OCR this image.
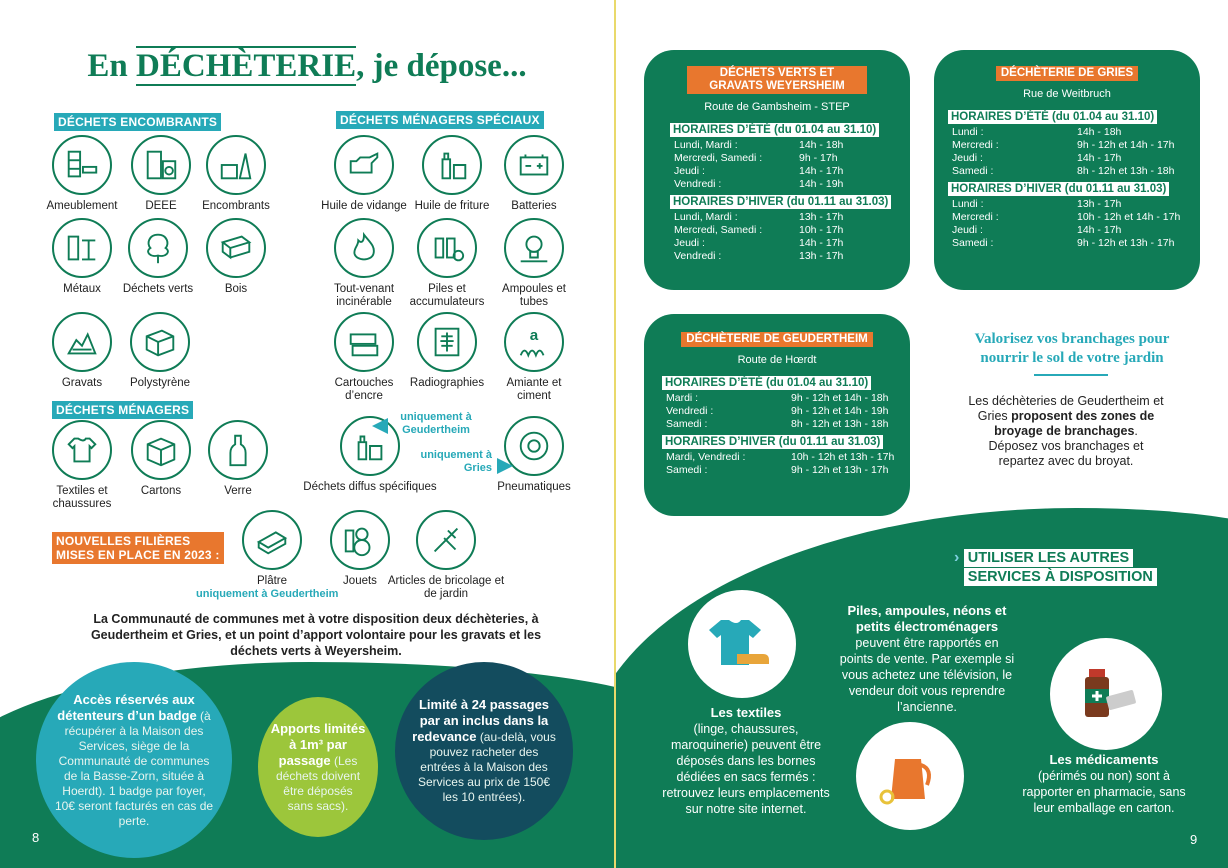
En DÉCHÈTERIE, je dépose...
DÉCHETS ENCOMBRANTS	DÉCHETS MÉNAGERS SPÉCIAUX
DÉCHETS MÉNAGERS
NOUVELLES FILIÈRES
MISES EN PLACE EN 2023 :
Ameublement	DEEE	Encombrants
Métaux	Déchets verts	Bois
Gravats	Polystyrène
Huile de vidange Huile de friture	Batteries
Tout-venant incinérable
Piles et accumulateurs
Ampoules et tubes
Cartouches d’encre
Radiographies
a
Amiante et ciment
Textiles et chaussures
Cartons	Verre	Déchets diffus spécifiques	Pneumatiques
uniquement à Geudertheim
uniquement à Gries
Plâtre	Jouets Articles de bricolage et de jardin
uniquement à Geudertheim
La Communauté de communes met à votre disposition deux déchèteries, à Geudertheim et Gries, et un point d’apport volontaire pour les gravats et les déchets verts à Weyersheim.
Accès réservés aux détenteurs d’un badge (à récupérer à la Maison des Services, siège de la Communauté de communes de la Basse-Zorn, située à Hoerdt). 1 badge par foyer, 10€ seront facturés en cas de perte.
Apports limités à 1m³ par passage (Les déchets doivent être déposés sans sacs).
Limité à 24 passages par an inclus dans la redevance (au-delà, vous pouvez racheter des entrées à la Maison des Services au prix de 150€ les 10 entrées).
8
DÉCHETS VERTS ET GRAVATS WEYERSHEIM
Route de Gambsheim - STEP
HORAIRES D’ÉTÉ (du 01.04 au 31.10)
Lundi, Mardi :	14h - 18h
Mercredi, Samedi :	9h - 17h
Jeudi :	14h - 17h
Vendredi :	14h - 19h
HORAIRES D’HIVER (du 01.11 au 31.03)
Lundi, Mardi :	13h - 17h
Mercredi, Samedi :	10h - 17h
Jeudi :	14h - 17h
Vendredi :	13h - 17h
DÉCHÈTERIE DE GRIES
Rue de Weitbruch
HORAIRES D’ÉTÉ (du 01.04 au 31.10)
Lundi :	14h - 18h
Mercredi :	9h - 12h et 14h - 17h
Jeudi :	14h - 17h
Samedi :	8h - 12h et 13h - 18h
HORAIRES D’HIVER (du 01.11 au 31.03)
Lundi :	13h - 17h
Mercredi :	10h - 12h et 14h - 17h
Jeudi :	14h - 17h
Samedi :	9h - 12h et 13h - 17h
DÉCHÈTERIE DE GEUDERTHEIM
Route de Hœrdt
HORAIRES D’ÉTÉ (du 01.04 au 31.10)
Mardi :	9h - 12h et 14h - 18h
Vendredi :	9h - 12h et 14h - 19h
Samedi :	8h - 12h et 13h - 18h
HORAIRES D’HIVER (du 01.11 au 31.03)
Mardi, Vendredi :	10h - 12h et 13h - 17h
Samedi :	9h - 12h et 13h - 17h
Valorisez vos branchages pour nourrir le sol de votre jardin
Les déchèteries de Geudertheim et Gries proposent des zones de broyage de branchages. Déposez vos branchages et repartez avec du broyat.
› UTILISER LES AUTRES
SERVICES À DISPOSITION
Piles, ampoules, néons et petits électroménagers peuvent être rapportés en points de vente. Par exemple si vous achetez une télévision, le vendeur doit vous reprendre l’ancienne.
Les textiles
(linge, chaussures, maroquinerie) peuvent être déposés dans les bornes dédiées en sacs fermés : retrouvez leurs emplacements sur notre site internet.
Les médicaments
(périmés ou non) sont à rapporter en pharmacie, sans leur emballage en carton.
9
